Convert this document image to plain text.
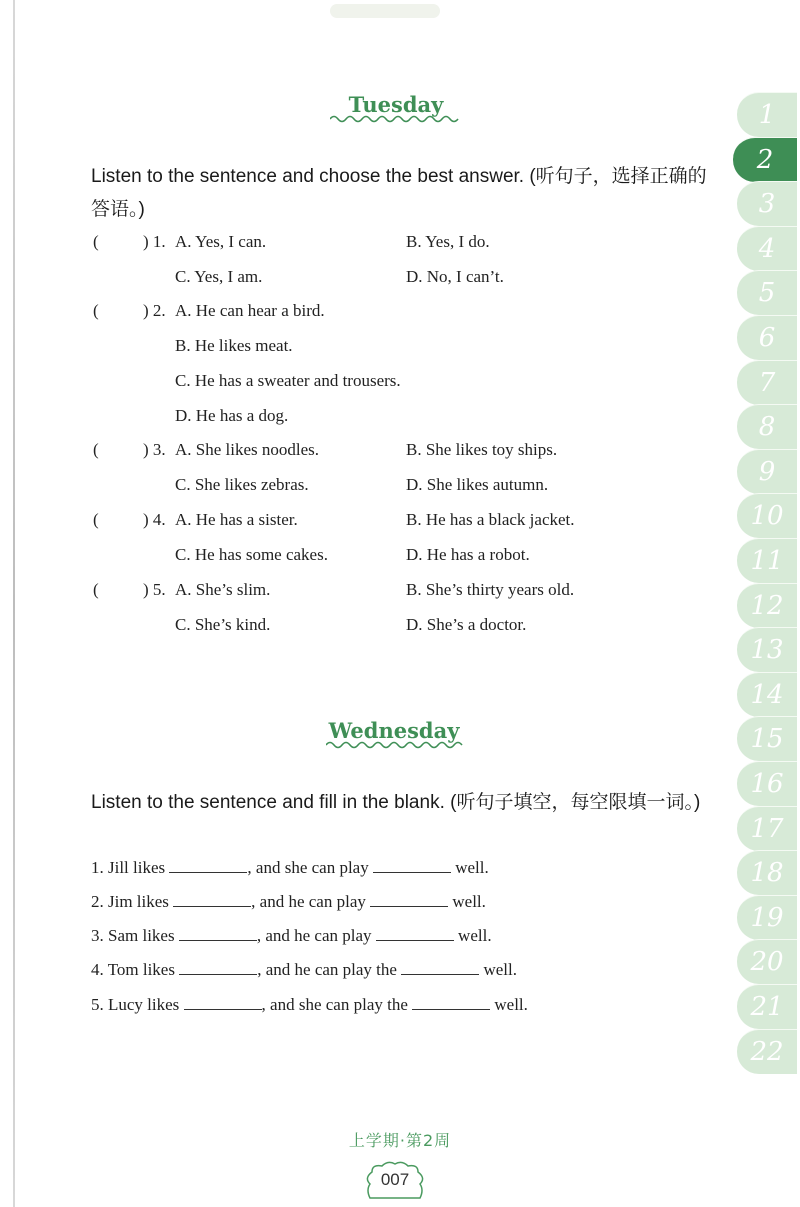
Tuesday
Listen to the sentence and choose the best answer. (听句子，选择正确的答语。)
(	) 1. A. Yes, I can.	B. Yes, I do.
C. Yes, I am.	D. No, I can’t.
(	) 2. A. He can hear a bird.
B. He likes meat.
C. He has a sweater and trousers.
D. He has a dog.
(	) 3. A. She likes noodles.	B. She likes toy ships.
C. She likes zebras.	D. She likes autumn.
(	) 4. A. He has a sister.	B. He has a black jacket.
C. He has some cakes.	D. He has a robot.
(	) 5. A. She’s slim.	B. She’s thirty years old.
C. She’s kind.	D. She’s a doctor.
Wednesday
Listen to the sentence and fill in the blank. (听句子填空，每空限填一词。)
1. Jill likes	, and she can play	well.
2. Jim likes	, and he can play	well.
3. Sam likes	, and he can play	well.
4. Tom likes	, and he can play the	well.
5. Lucy likes	, and she can play the	well.
1
2
3
4
5
6
7
8
9
10
11
12
13
14
15
16
17
18
19
20
21
22
上学期·第2周
007
